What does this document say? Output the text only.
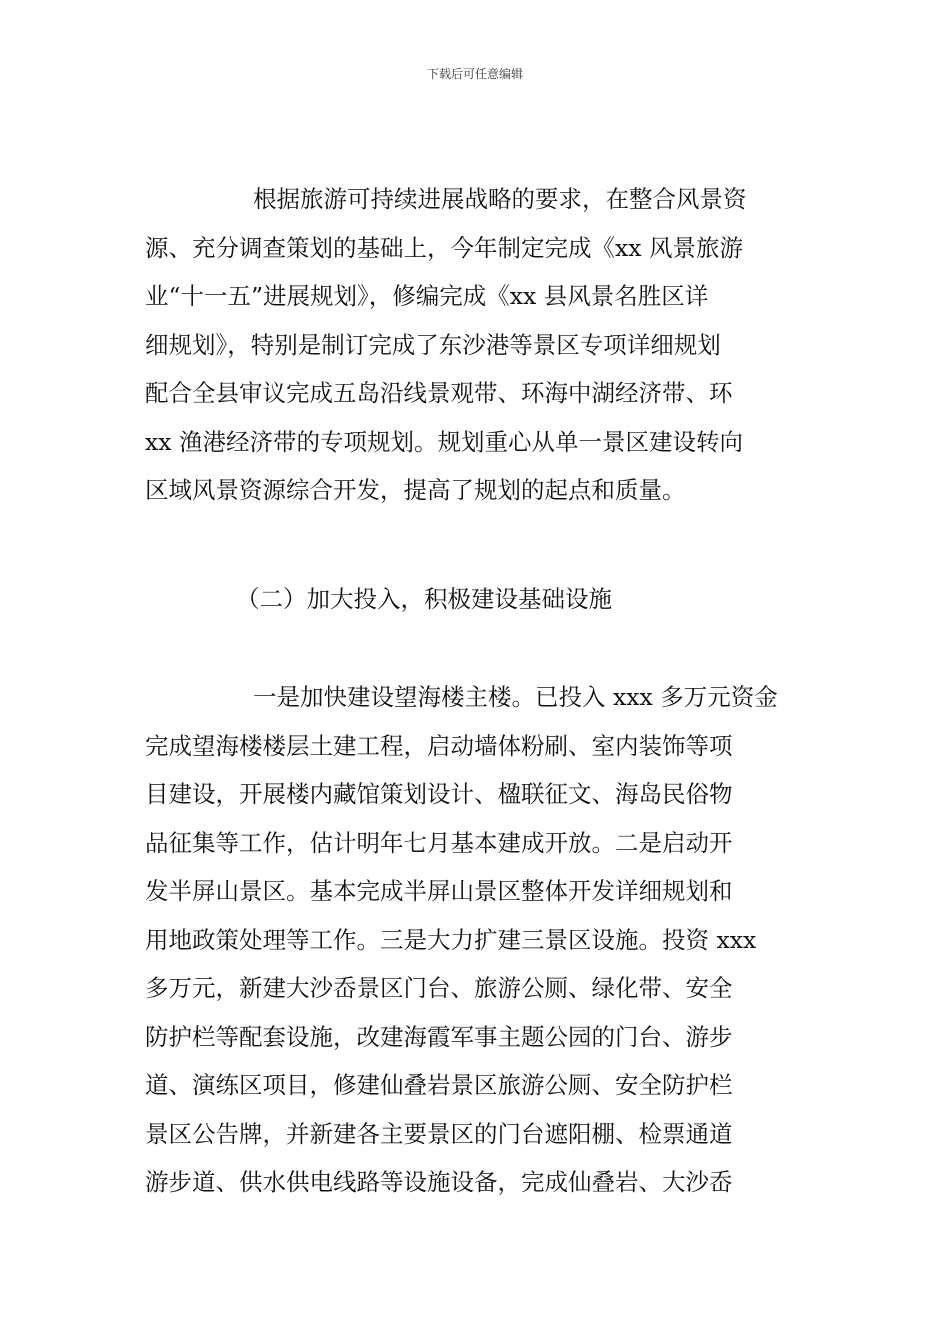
下载后可任意编辑
根据旅游可持续进展战略的要求，在整合风景资
源、充分调查策划的基础上，今年制定完成《xx 风景旅游
业“十一五”进展规划》，修编完成《xx 县风景名胜区详
细规划》，特别是制订完成了东沙港等景区专项详细规划
配合全县审议完成五岛沿线景观带、环海中湖经济带、环
xx 渔港经济带的专项规划。规划重心从单一景区建设转向
区域风景资源综合开发，提高了规划的起点和质量。
（二）加大投入，积极建设基础设施
一是加快建设望海楼主楼。已投入 xxx 多万元资金
完成望海楼楼层土建工程，启动墙体粉刷、室内装饰等项
目建设，开展楼内藏馆策划设计、楹联征文、海岛民俗物
品征集等工作，估计明年七月基本建成开放。二是启动开
发半屏山景区。基本完成半屏山景区整体开发详细规划和
用地政策处理等工作。三是大力扩建三景区设施。投资 xxx
多万元，新建大沙岙景区门台、旅游公厕、绿化带、安全
防护栏等配套设施，改建海霞军事主题公园的门台、游步
道、演练区项目，修建仙叠岩景区旅游公厕、安全防护栏
景区公告牌，并新建各主要景区的门台遮阳棚、检票通道
游步道、供水供电线路等设施设备，完成仙叠岩、大沙岙
